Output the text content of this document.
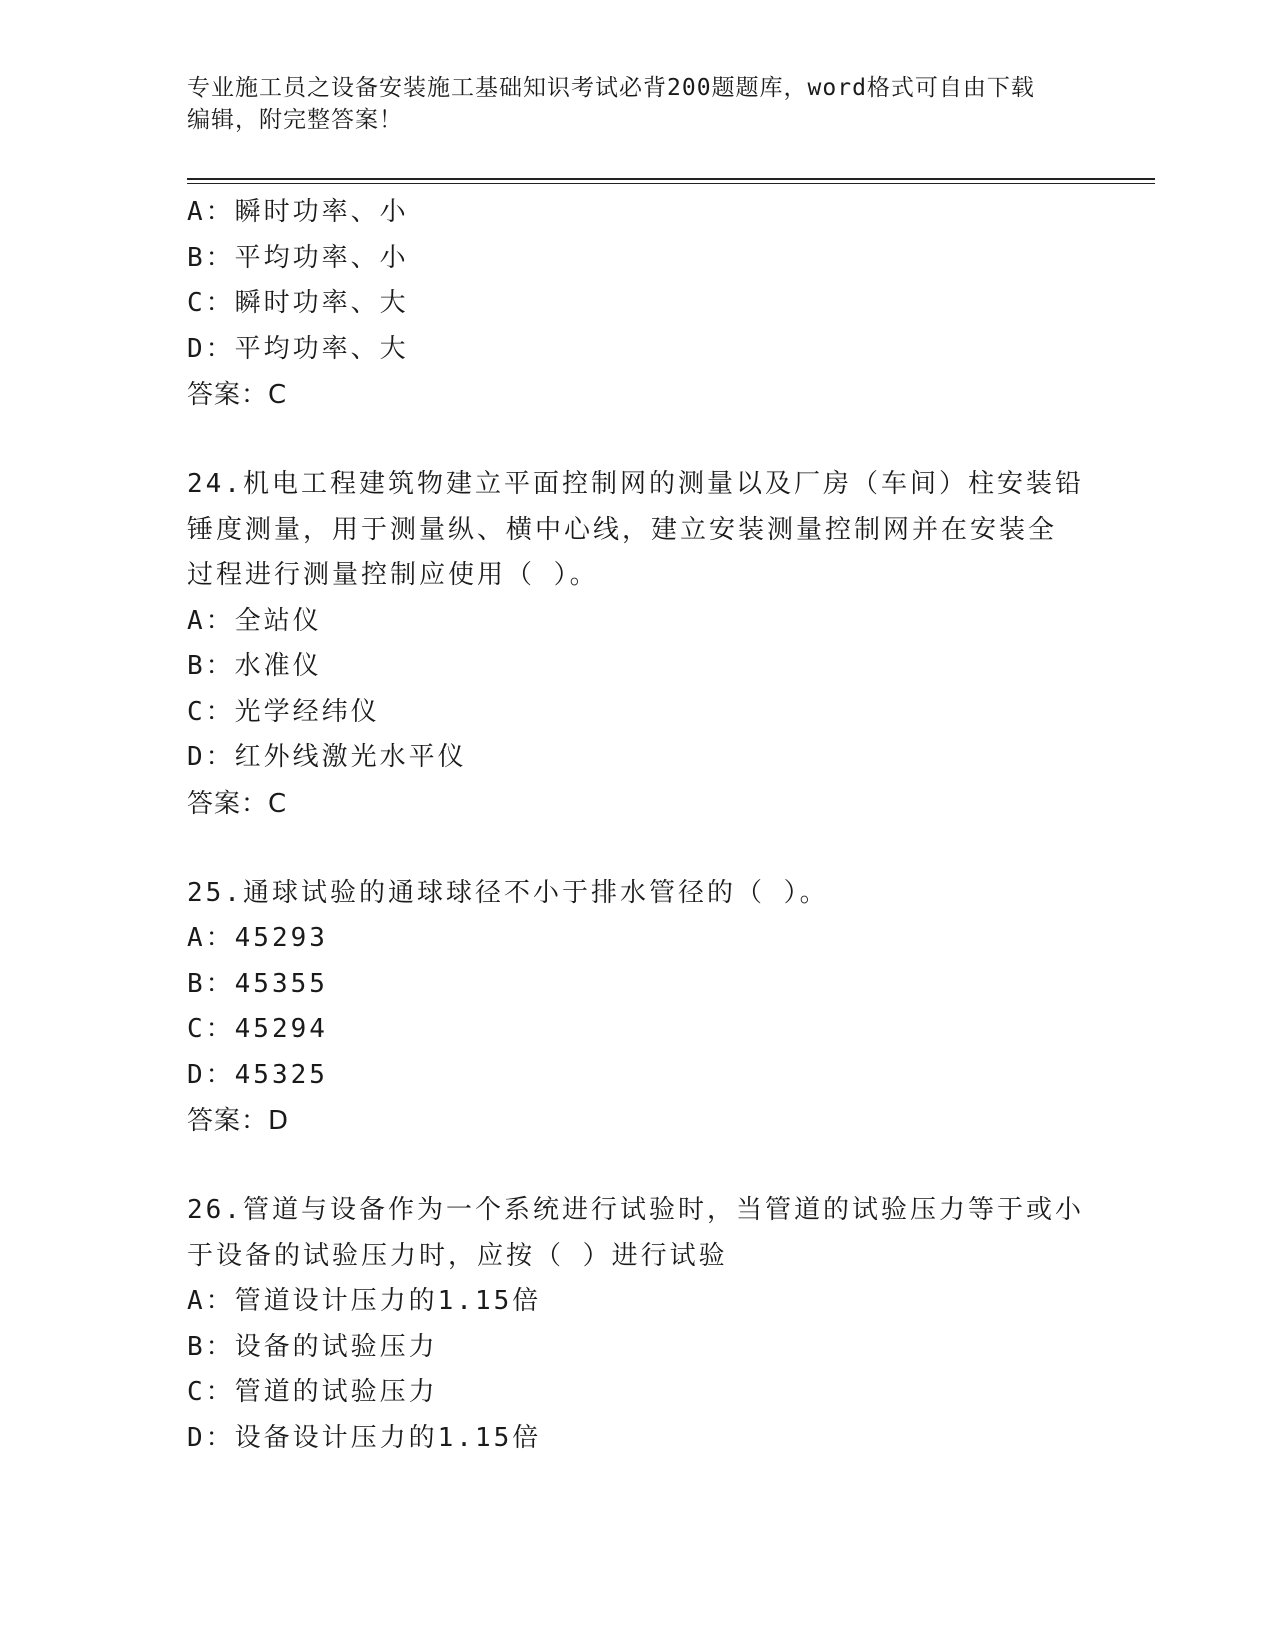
专业施工员之设备安装施工基础知识考试必背200题题库，word格式可自由下载
编辑，附完整答案！
A：瞬时功率、小
B：平均功率、小
C：瞬时功率、大
D：平均功率、大
答案：C
24.机电工程建筑物建立平面控制网的测量以及厂房（车间）柱安装铅
锤度测量，用于测量纵、横中心线，建立安装测量控制网并在安装全
过程进行测量控制应使用（ ）。
A：全站仪
B：水准仪
C：光学经纬仪
D：红外线激光水平仪
答案：C
25.通球试验的通球球径不小于排水管径的（ ）。
A：45293
B：45355
C：45294
D：45325
答案：D
26.管道与设备作为一个系统进行试验时，当管道的试验压力等于或小
于设备的试验压力时，应按（ ）进行试验
A：管道设计压力的1.15倍
B：设备的试验压力
C：管道的试验压力
D：设备设计压力的1.15倍
